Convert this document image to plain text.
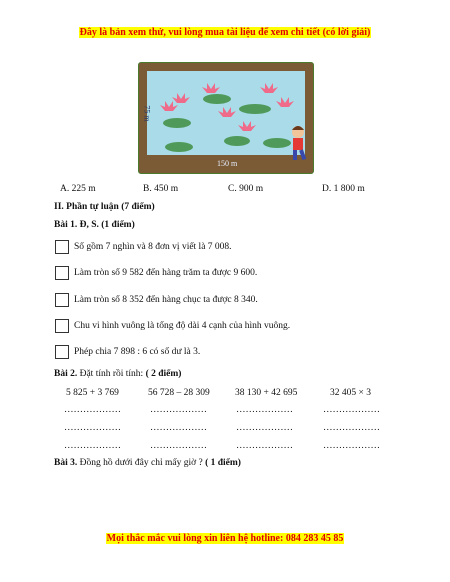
Đây là bản xem thử, vui lòng mua tài liệu để xem chi tiết (có lời giải)
75 m
150 m
A. 225 m	B. 450 m	C. 900 m	D. 1 800 m
II. Phần tự luận (7 điểm)
Bài 1. Đ, S. (1 điểm)
Số gồm 7 nghìn và 8 đơn vị viết là 7 008.
Làm tròn số 9 582 đến hàng trăm ta được 9 600.
Làm tròn số 8 352 đến hàng chục ta được 8 340.
Chu vi hình vuông là tổng độ dài 4 cạnh của hình vuông.
Phép chia 7 898 : 6 có số dư là 3.
Bài 2. Đặt tính rồi tính: ( 2 điểm)
5 825 + 3 769	56 728 – 28 309	38 130 + 42 695	32 405 × 3
………………	………………	………………	………………
………………	………………	………………	………………
………………	………………	………………	………………
Bài 3. Đồng hồ dưới đây chỉ mấy giờ ? ( 1 điểm)
Mọi thắc mắc vui lòng xin liên hệ hotline: 084 283 45 85
